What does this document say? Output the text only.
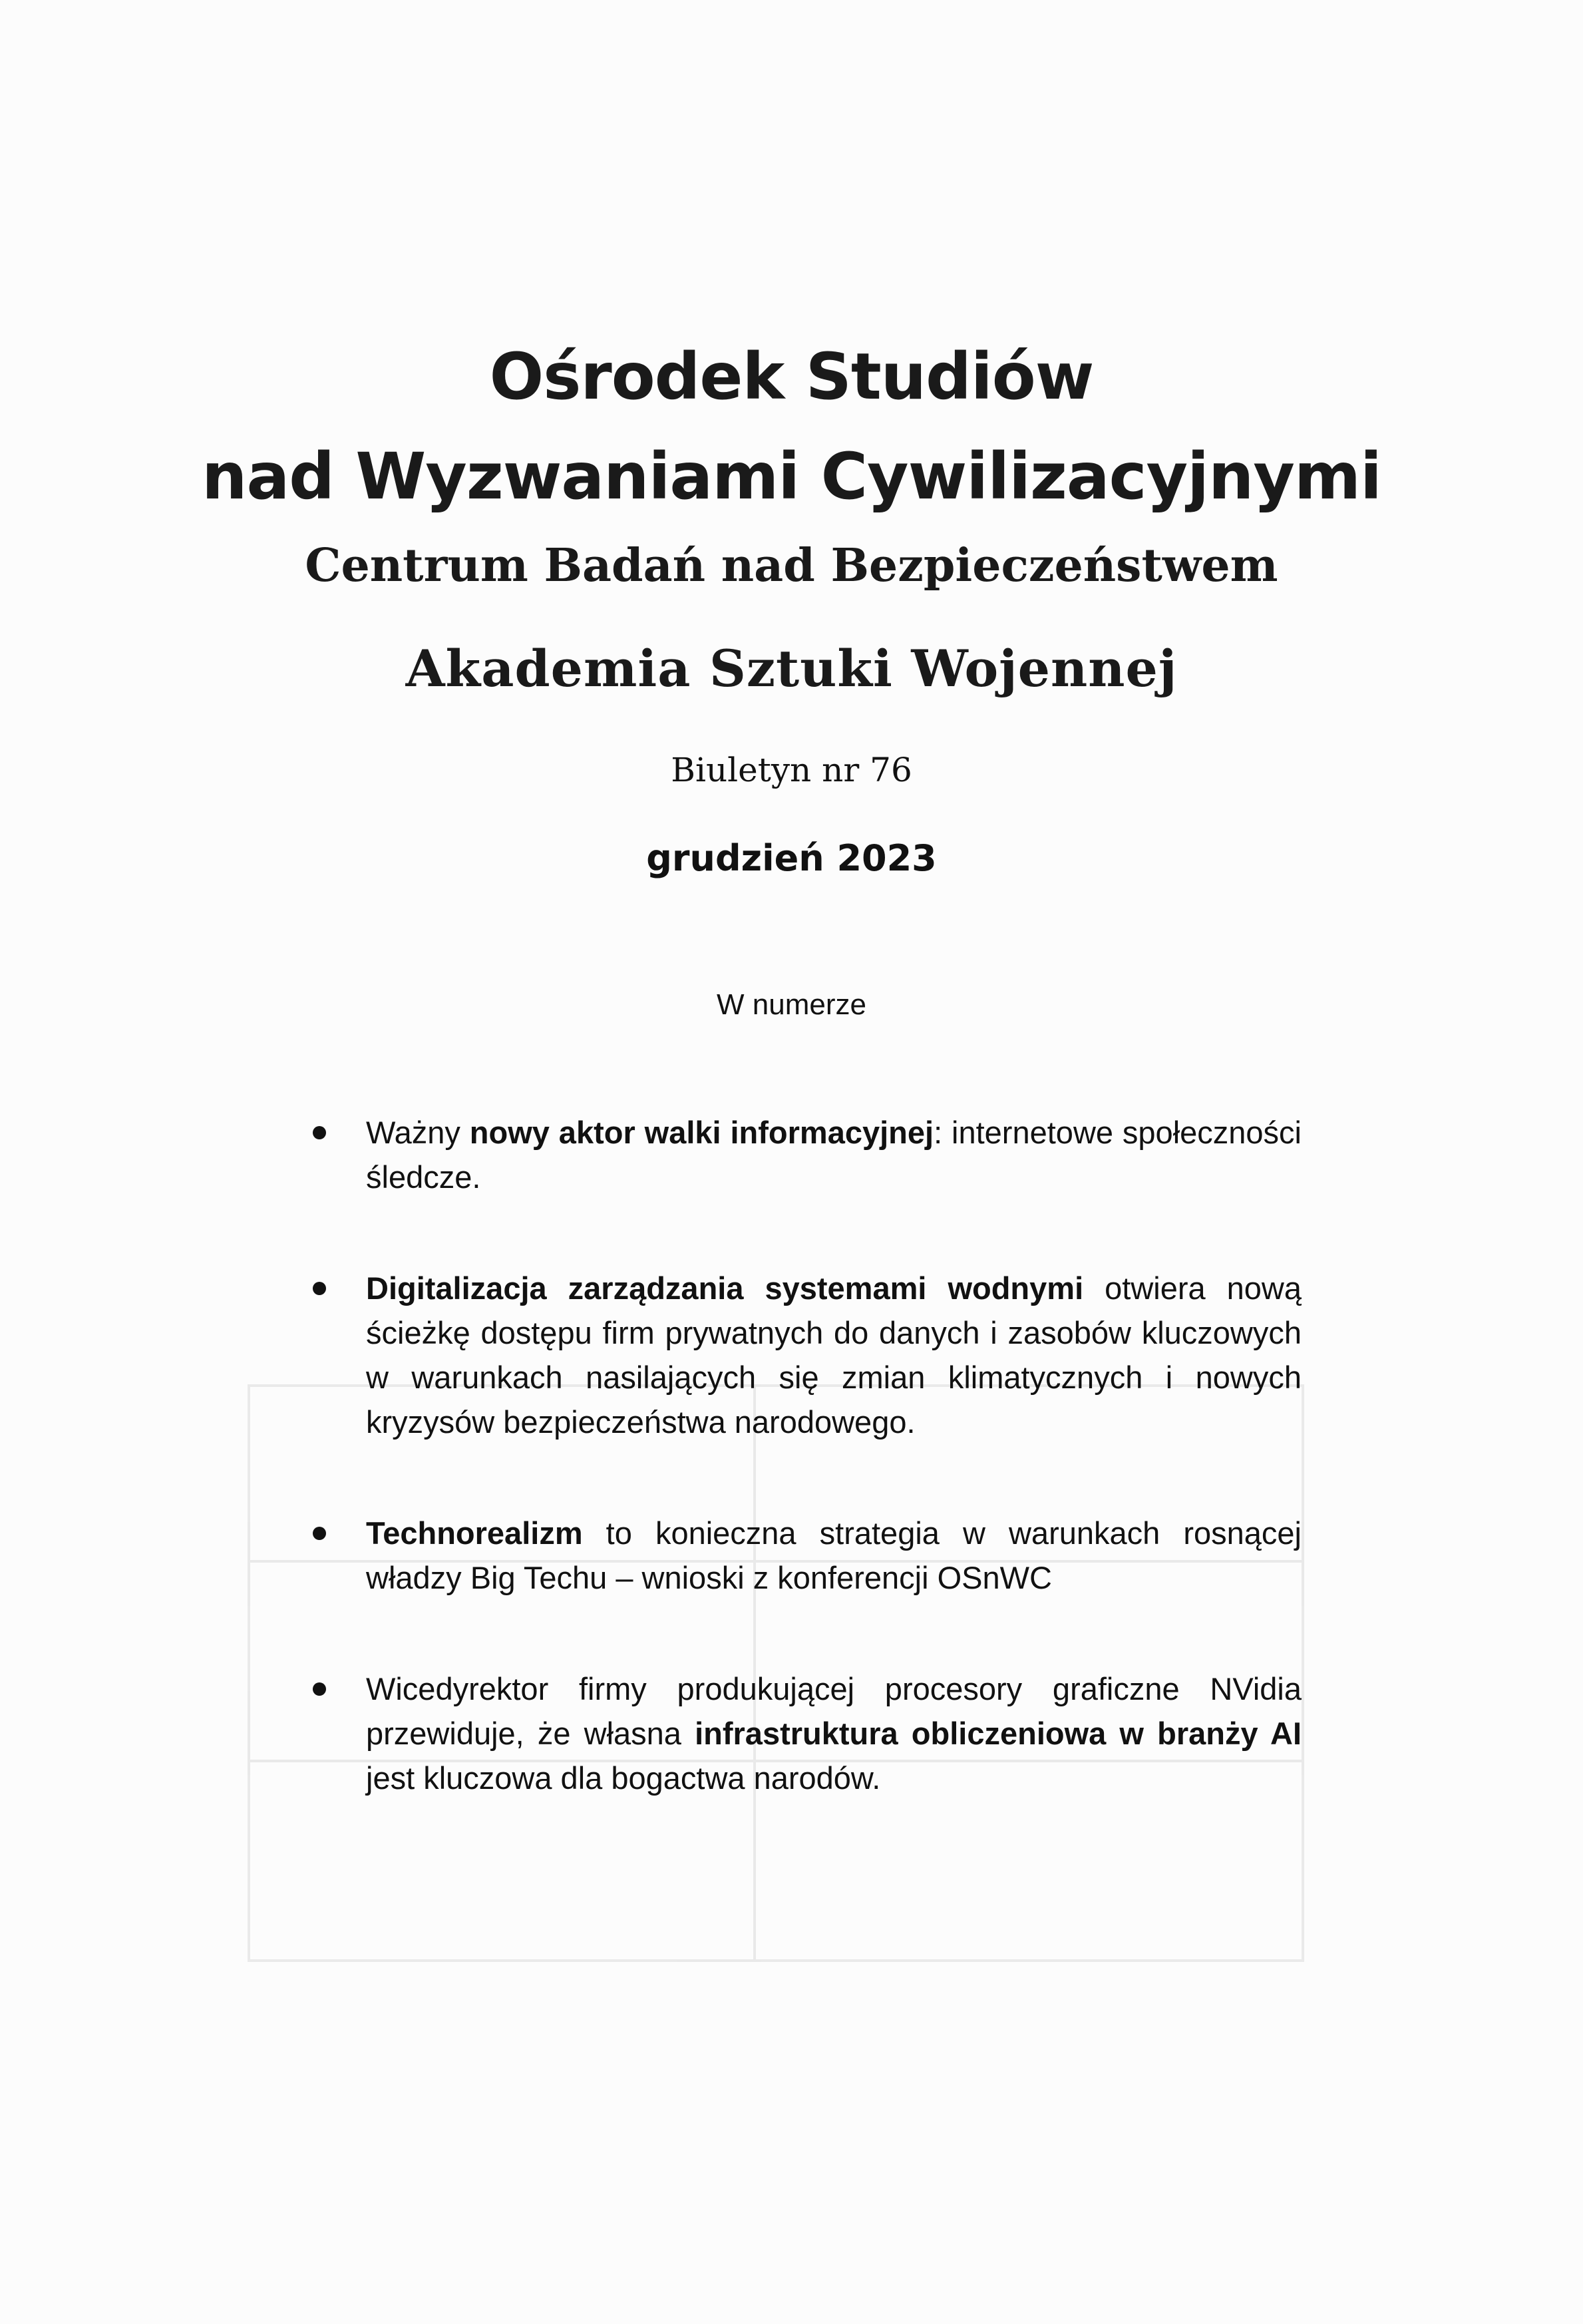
Ośrodek Studiów
nad Wyzwaniami Cywilizacyjnymi
Centrum Badań nad Bezpieczeństwem
Akademia Sztuki Wojennej
Biuletyn nr 76
grudzień 2023
W numerze
Ważny nowy aktor walki informacyjnej: internetowe społeczności śledcze.
Digitalizacja zarządzania systemami wodnymi otwiera nową ścieżkę dostępu firm prywatnych do danych i zasobów kluczowych w warunkach nasilających się zmian klimatycznych i nowych kryzysów bezpieczeństwa narodowego.
Technorealizm to konieczna strategia w warunkach rosnącej władzy Big Techu – wnioski z konferencji OSnWC
Wicedyrektor firmy produkującej procesory graficzne NVidia przewiduje, że własna infrastruktura obliczeniowa w branży AI jest kluczowa dla bogactwa narodów.
